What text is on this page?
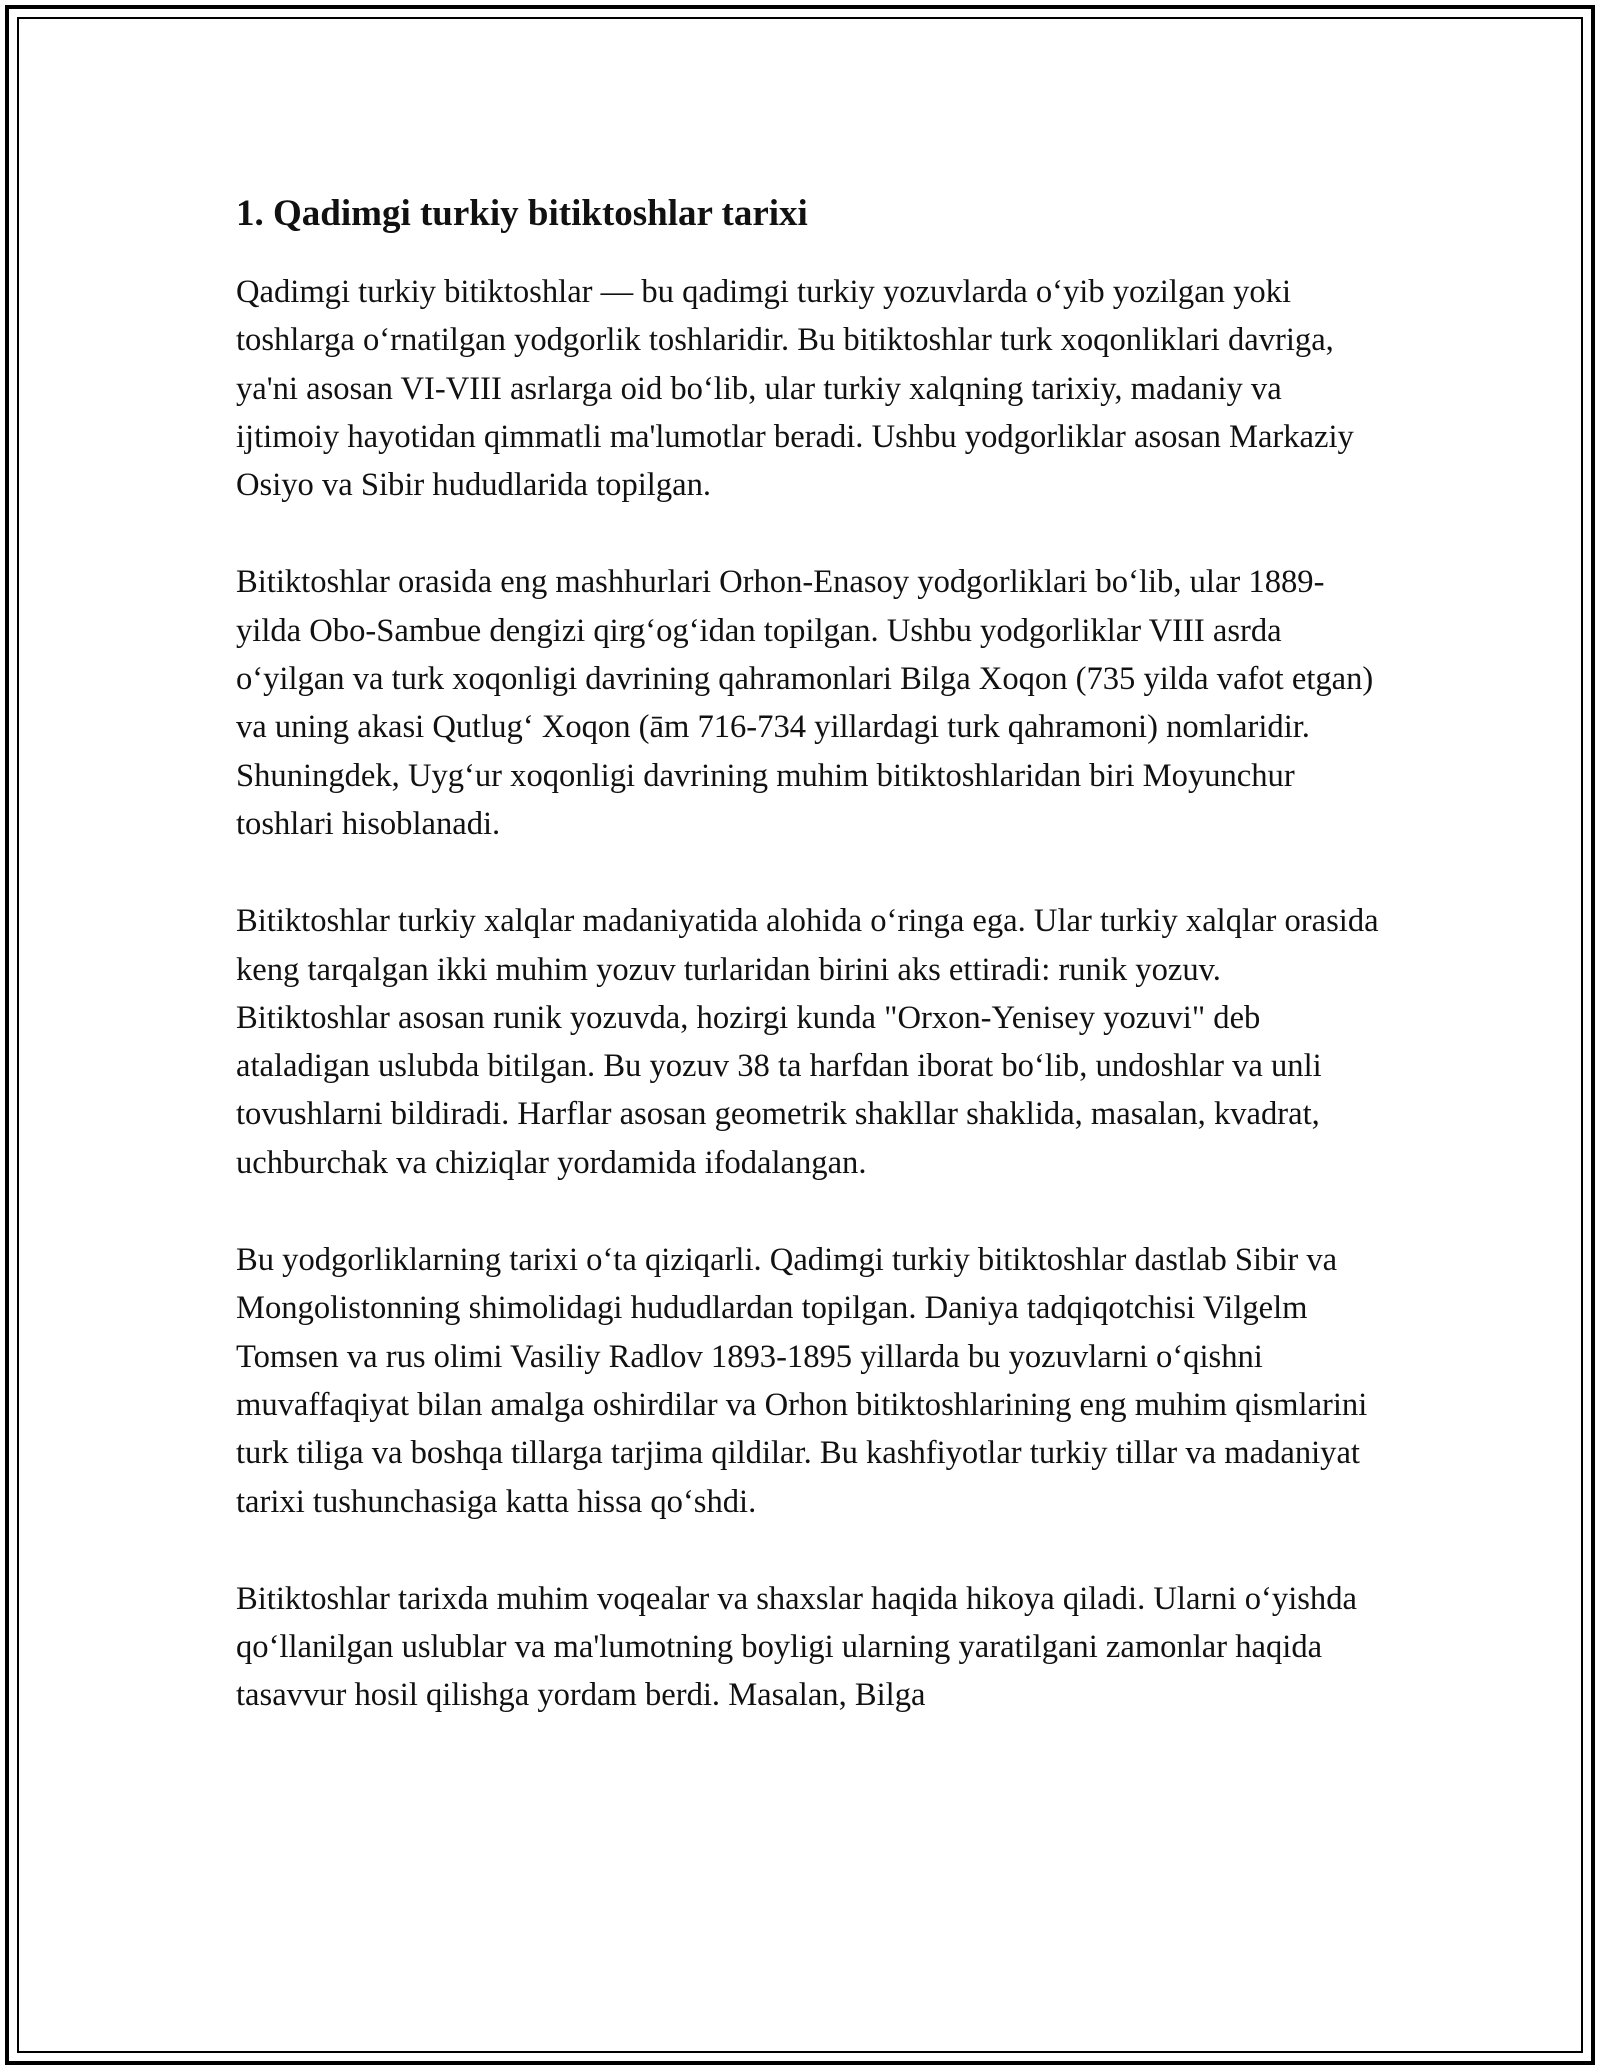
1. Qadimgi turkiy bitiktoshlar tarixi

Qadimgi turkiy bitiktoshlar — bu qadimgi turkiy yozuvlarda o‘yib yozilgan yoki toshlarga o‘rnatilgan yodgorlik toshlaridir. Bu bitiktoshlar turk xoqonliklari davriga, ya'ni asosan VI-VIII asrlarga oid bo‘lib, ular turkiy xalqning tarixiy, madaniy va ijtimoiy hayotidan qimmatli ma'lumotlar beradi. Ushbu yodgorliklar asosan Markaziy Osiyo va Sibir hududlarida topilgan.

Bitiktoshlar orasida eng mashhurlari Orhon-Enasoy yodgorliklari bo‘lib, ular 1889-yilda Obo-Sambue dengizi qirg‘og‘idan topilgan. Ushbu yodgorliklar VIII asrda o‘yilgan va turk xoqonligi davrining qahramonlari Bilga Xoqon (735 yilda vafot etgan) va uning akasi Qutlug‘ Xoqon (ām 716-734 yillardagi turk qahramoni) nomlaridir. Shuningdek, Uyg‘ur xoqonligi davrining muhim bitiktoshlaridan biri Moyunchur toshlari hisoblanadi.

Bitiktoshlar turkiy xalqlar madaniyatida alohida o‘ringa ega. Ular turkiy xalqlar orasida keng tarqalgan ikki muhim yozuv turlaridan birini aks ettiradi: runik yozuv. Bitiktoshlar asosan runik yozuvda, hozirgi kunda "Orxon-Yenisey yozuvi" deb ataladigan uslubda bitilgan. Bu yozuv 38 ta harfdan iborat bo‘lib, undoshlar va unli tovushlarni bildiradi. Harflar asosan geometrik shakllar shaklida, masalan, kvadrat, uchburchak va chiziqlar yordamida ifodalangan.

Bu yodgorliklarning tarixi o‘ta qiziqarli. Qadimgi turkiy bitiktoshlar dastlab Sibir va Mongolistonning shimolidagi hududlardan topilgan. Daniya tadqiqotchisi Vilgelm Tomsen va rus olimi Vasiliy Radlov 1893-1895 yillarda bu yozuvlarni o‘qishni muvaffaqiyat bilan amalga oshirdilar va Orhon bitiktoshlarining eng muhim qismlarini turk tiliga va boshqa tillarga tarjima qildilar. Bu kashfiyotlar turkiy tillar va madaniyat tarixi tushunchasiga katta hissa qo‘shdi.

Bitiktoshlar tarixda muhim voqealar va shaxslar haqida hikoya qiladi. Ularni o‘yishda qo‘llanilgan uslublar va ma'lumotning boyligi ularning yaratilgani zamonlar haqida tasavvur hosil qilishga yordam berdi. Masalan, Bilga
